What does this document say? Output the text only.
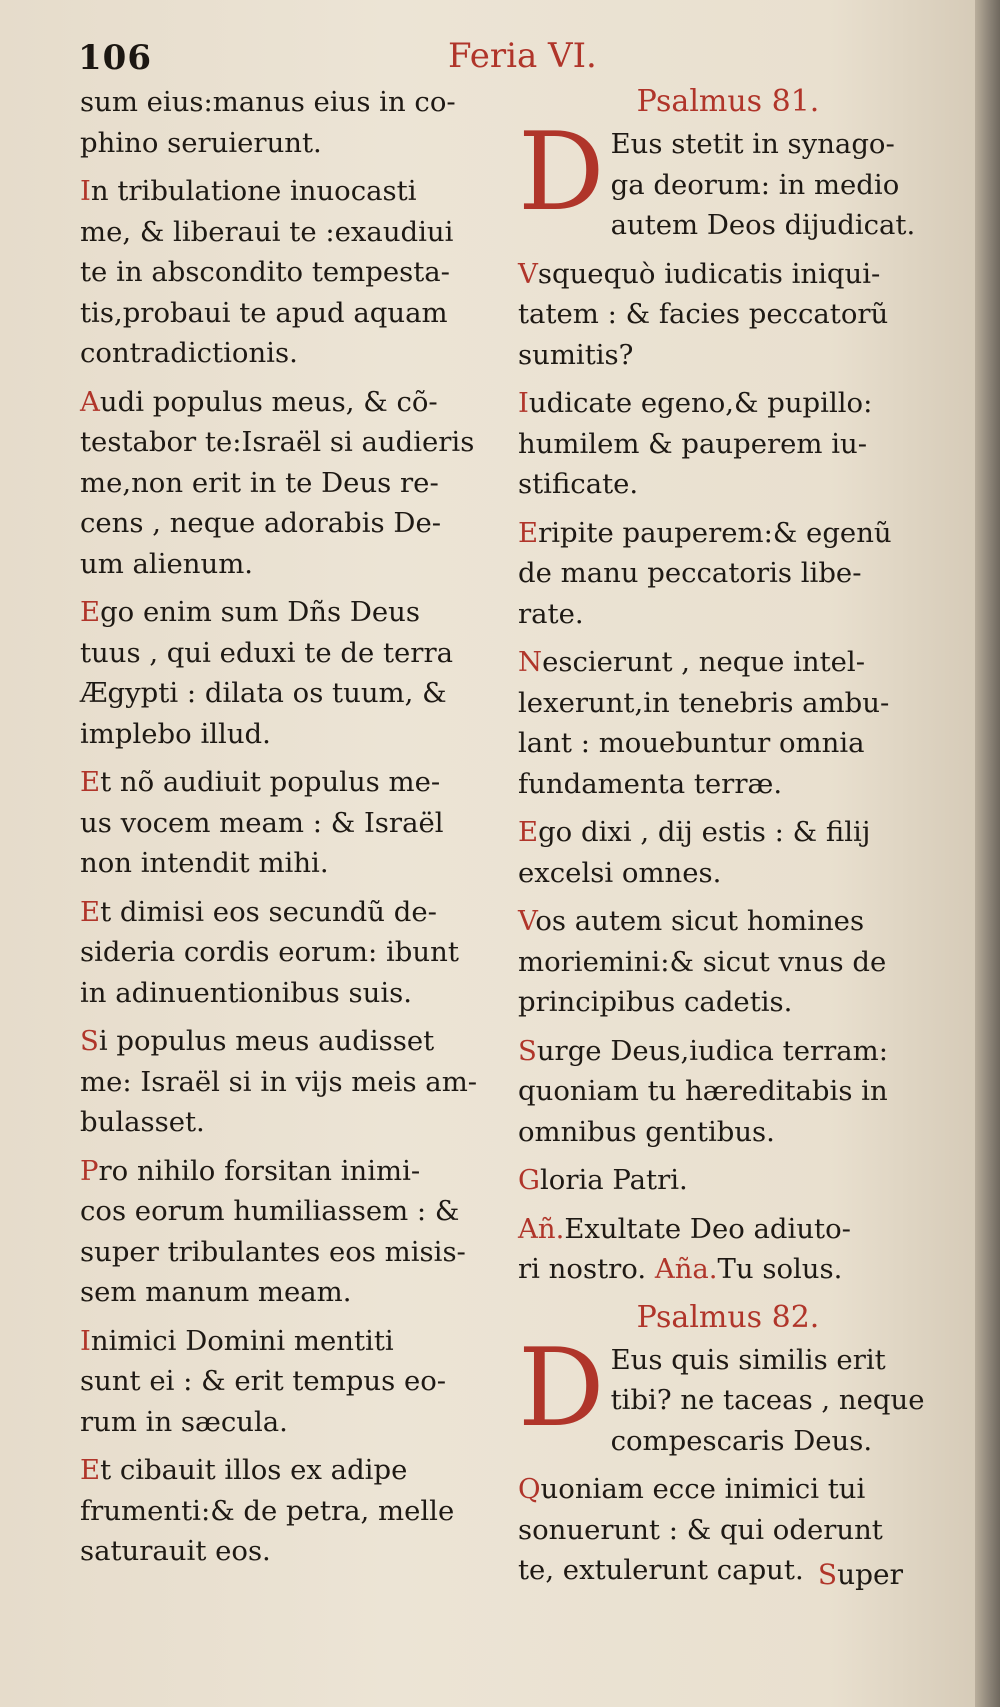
106	Feria VI.
sum eius:manus eius in co-
phino seruierunt.
In tribulatione inuocasti
me, & liberaui te :exaudiui
te in abscondito tempesta-
tis,probaui te apud aquam
contradictionis.
Audi populus meus, & cõ-
testabor te:Israël si audieris
me,non erit in te Deus re-
cens , neque adorabis De-
um alienum.
Ego enim sum Dñs Deus
tuus , qui eduxi te de terra
Ægypti : dilata os tuum, &
implebo illud.
Et nõ audiuit populus me-
us vocem meam : & Israël
non intendit mihi.
Et dimisi eos secundũ de-
sideria cordis eorum: ibunt
in adinuentionibus suis.
Si populus meus audisset
me: Israël si in vijs meis am-
bulasset.
Pro nihilo forsitan inimi-
cos eorum humiliassem : &
super tribulantes eos misis-
sem manum meam.
Inimici Domini mentiti
sunt ei : & erit tempus eo-
rum in sæcula.
Et cibauit illos ex adipe
frumenti:& de petra, melle
saturauit eos.
Psalmus 81.
D Eus stetit in synago-
ga deorum: in medio
autem Deos dijudicat.
Vsquequò iudicatis iniqui-
tatem : & facies peccatorũ
sumitis?
Iudicate egeno,& pupillo:
humilem & pauperem iu-
stificate.
Eripite pauperem:& egenũ
de manu peccatoris libe-
rate.
Nescierunt , neque intel-
lexerunt,in tenebris ambu-
lant : mouebuntur omnia
fundamenta terræ.
Ego dixi , dij estis : & filij
excelsi omnes.
Vos autem sicut homines
moriemini:& sicut vnus de
principibus cadetis.
Surge Deus,iudica terram:
quoniam tu hæreditabis in
omnibus gentibus.
Gloria Patri.
Añ.Exultate Deo adiuto-
ri nostro. Aña.Tu solus.
Psalmus 82.
D Eus quis similis erit
tibi? ne taceas , neque
compescaris Deus.
Quoniam ecce inimici tui
sonuerunt : & qui oderunt
te, extulerunt caput. Super
